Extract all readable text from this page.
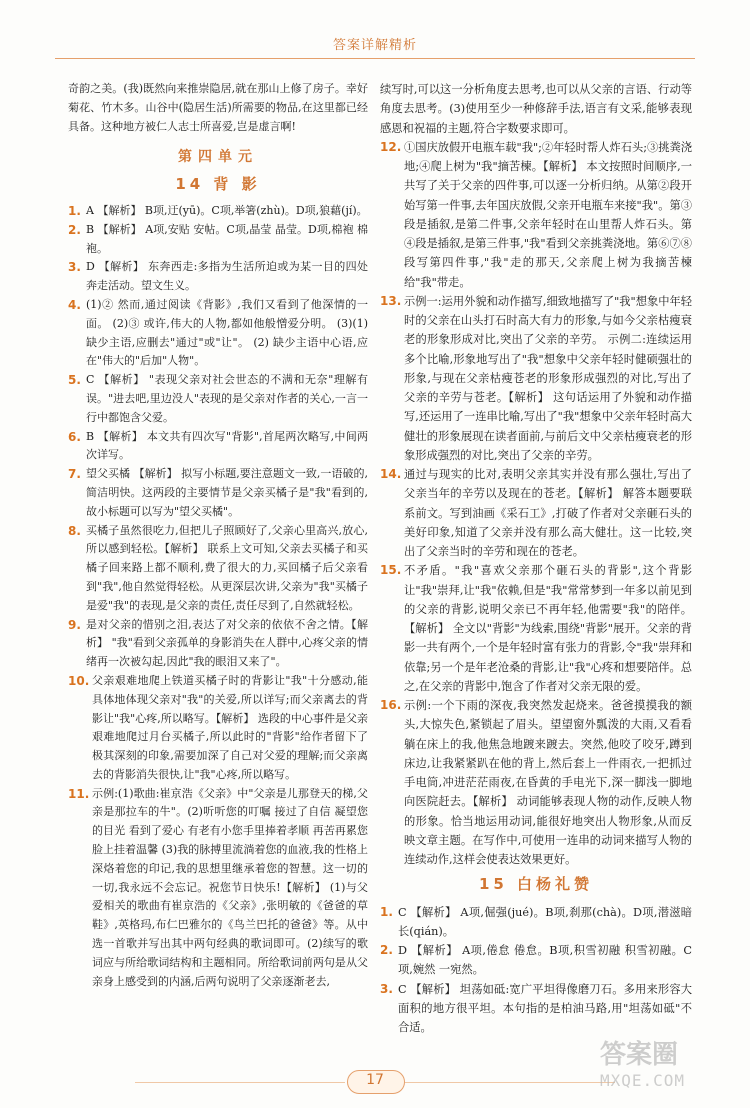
答案详解精析

奇韵之美。(我)既然向来推崇隐居,就在那山上修了房子。幸好菊花、竹木多。山谷中(隐居生活)所需要的物品,在这里都已经具备。这种地方被仁人志士所喜爱,岂是虚言啊!

第四单元
14 背 影

1. A 【解析】 B项,迂(yū)。C项,举箸(zhù)。D项,狼藉(jí)。

2. B 【解析】 A项,安贴 安帖。C项,晶莹 晶莹。D项,棉袍 棉袍。

3. D 【解析】 东奔西走:多指为生活所迫或为某一目的四处奔走活动。望文生义。

4. (1)② 然而,通过阅读《背影》,我们又看到了他深情的一面。 (2)③ 或许,伟大的人物,都如他般憎爱分明。 (3)(1) 缺少主语,应删去"通过"或"让"。 (2) 缺少主语中心语,应在"伟大的"后加"人物"。

5. C 【解析】 "表现父亲对社会世态的不满和无奈"理解有误。"进去吧,里边没人"表现的是父亲对作者的关心,一言一行中都饱含父爱。

6. B 【解析】 本文共有四次写"背影",首尾两次略写,中间两次详写。

7. 望父买橘 【解析】 拟写小标题,要注意题文一致,一语破的,简洁明快。这两段的主要情节是父亲买橘子是"我"看到的,故小标题可以写为"望父买橘"。

8. 买橘子虽然很吃力,但把儿子照顾好了,父亲心里高兴,放心,所以感到轻松。【解析】 联系上文可知,父亲去买橘子和买橘子回来路上都不顺利,费了很大的力,买回橘子后父亲看到"我",他自然觉得轻松。从更深层次讲,父亲为"我"买橘子是爱"我"的表现,是父亲的责任,责任尽到了,自然就轻松。

9. 是对父亲的惜别之泪,表达了对父亲的依依不舍之情。【解析】 "我"看到父亲孤单的身影消失在人群中,心疼父亲的情绪再一次被勾起,因此"我的眼泪又来了"。

10. 父亲艰难地爬上铁道买橘子时的背影让"我"十分感动,能具体地体现父亲对"我"的关爱,所以详写;而父亲离去的背影让"我"心疼,所以略写。【解析】 选段的中心事件是父亲艰难地爬过月台买橘子,所以此时的"背影"给作者留下了极其深刻的印象,需要加深了自己对父爱的理解;而父亲离去的背影消失很快,让"我"心疼,所以略写。

11. 示例:(1)歌曲:崔京浩《父亲》中"父亲是儿那登天的梯,父亲是那拉车的牛"。(2)听听您的叮嘱 接过了自信 凝望您的目光 看到了爱心 有老有小您手里捧着孝顺 再苦再累您脸上挂着温馨 (3)我的脉搏里流淌着您的血液,我的性格上深烙着您的印记,我的思想里继承着您的智慧。这一切的一切,我永远不会忘记。祝您节日快乐!【解析】 (1)与父爱相关的歌曲有崔京浩的《父亲》,张明敏的《爸爸的草鞋》,英格玛,布仁巴雅尔的《鸟兰巴托的爸爸》等。从中选一首歌并写出其中两句经典的歌词即可。(2)续写的歌词应与所给歌词结构和主题相同。所给歌词前两句是从父亲身上感受到的内涵,后两句说明了父亲逐渐老去,

续写时,可以这一分析角度去思考,也可以从父亲的言语、行动等角度去思考。(3)使用至少一种修辞手法,语言有文采,能够表现感恩和祝福的主题,符合字数要求即可。

12. ①国庆放假开电瓶车载"我";②年轻时帮人炸石头;③挑粪浇地;④爬上树为"我"摘苦楝。【解析】 本文按照时间顺序,一共写了关于父亲的四件事,可以逐一分析归纳。从第②段开始写第一件事,去年国庆放假,父亲开电瓶车来接"我"。第③段是插叙,是第二件事,父亲年轻时在山里帮人炸石头。第④段是插叙,是第三件事,"我"看到父亲挑粪浇地。第⑥⑦⑧段写第四件事,"我"走的那天,父亲爬上树为我摘苦楝给"我"带走。

13. 示例一:运用外貌和动作描写,细致地描写了"我"想象中年轻时的父亲在山头打石时高大有力的形象,与如今父亲枯瘦衰老的形象形成对比,突出了父亲的辛劳。 示例二:连续运用多个比喻,形象地写出了"我"想象中父亲年轻时健硕强壮的形象,与现在父亲枯瘦苍老的形象形成强烈的对比,写出了父亲的辛劳与苍老。【解析】 这句话运用了外貌和动作描写,还运用了一连串比喻,写出了"我"想象中父亲年轻时高大健壮的形象展现在读者面前,与前后文中父亲枯瘦衰老的形象形成强烈的对比,突出了父亲的辛劳。

14. 通过与现实的比对,表明父亲其实并没有那么强壮,写出了父亲当年的辛劳以及现在的苍老。【解析】 解答本题要联系前文。写到油画《采石工》,打破了作者对父亲砸石头的美好印象,知道了父亲并没有那么高大健壮。这一比较,突出了父亲当时的辛劳和现在的苍老。

15. 不矛盾。"我"喜欢父亲那个砸石头的背影",这个背影让"我"崇拜,让"我"依赖,但是"我"常常梦到一年多以前见到的父亲的背影,说明父亲已不再年轻,他需要"我"的陪伴。【解析】 全文以"背影"为线索,围绕"背影"展开。父亲的背影一共有两个,一个是年轻时富有张力的背影,令"我"崇拜和依靠;另一个是年老沧桑的背影,让"我"心疼和想要陪伴。总之,在父亲的背影中,饱含了作者对父亲无限的爱。

16. 示例:一个下雨的深夜,我突然发起烧来。爸爸摸摸我的额头,大惊失色,紧锁起了眉头。望望窗外瓢泼的大雨,又看看躺在床上的我,他焦急地踱来踱去。突然,他咬了咬牙,蹲到床边,让我紧紧趴在他的背上,然后套上一件雨衣,一把抓过手电筒,冲进茫茫雨夜,在昏黄的手电光下,深一脚浅一脚地向医院赶去。【解析】 动词能够表现人物的动作,反映人物的形象。恰当地运用动词,能很好地突出人物形象,从而反映文章主题。在写作中,可使用一连串的动词来描写人物的连续动作,这样会使表达效果更好。

15 白杨礼赞

1. C 【解析】 A项,倔强(jué)。B项,刹那(chà)。D项,潜滋暗长(qián)。

2. D 【解析】 A项,倦怠 倦怠。B项,积雪初融 积雪初融。C项,婉然 一宛然。

3. C 【解析】 坦荡如砥:宽广平坦得像磨刀石。多用来形容大面积的地方很平坦。本句指的是柏油马路,用"坦荡如砥"不合适。

17
答案圈
MXQE.COM
